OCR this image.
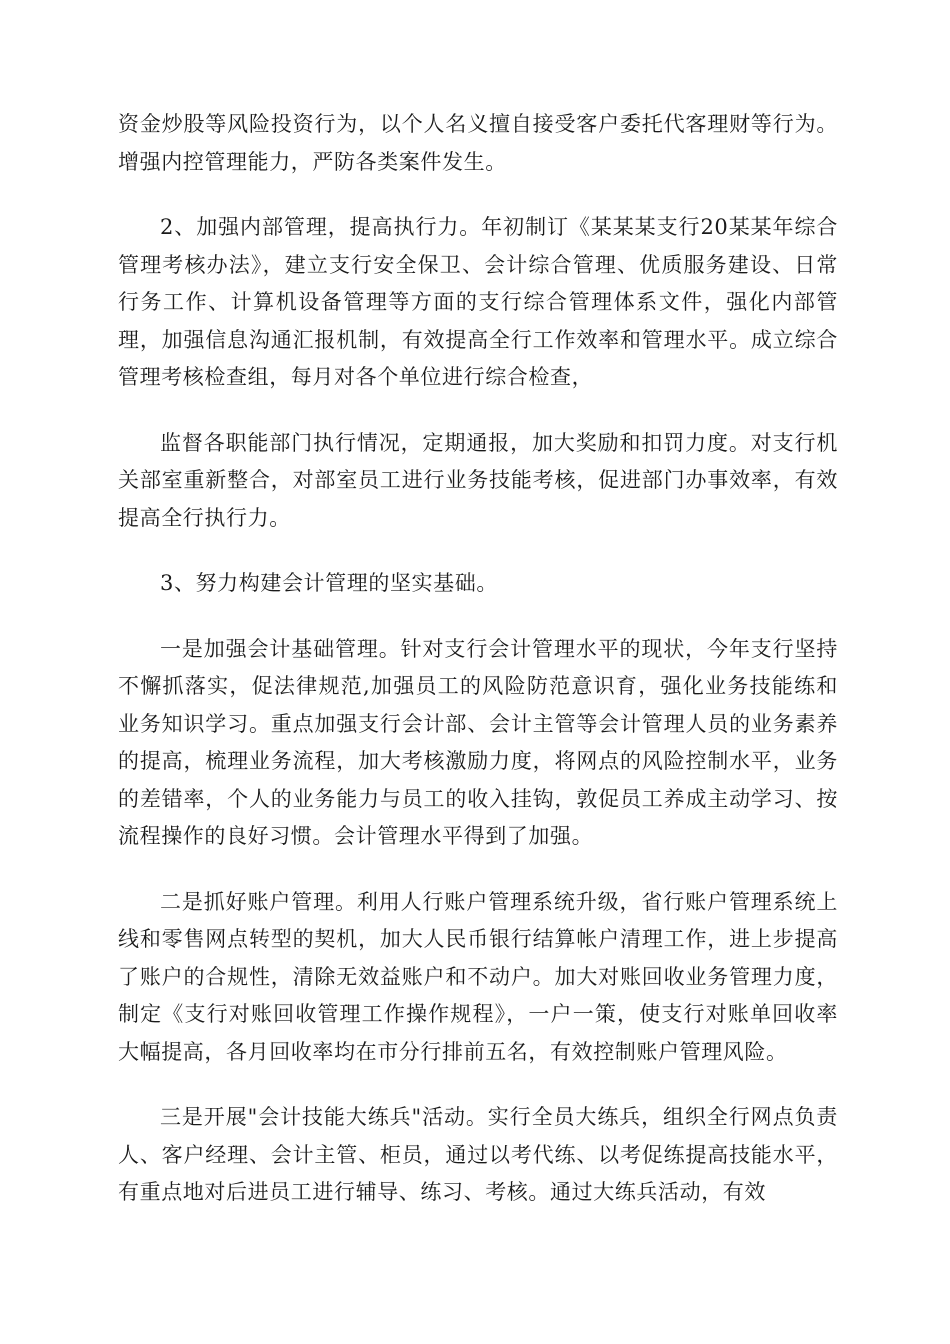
资金炒股等风险投资行为，以个人名义擅自接受客户委托代客理财等行为。增强内控管理能力，严防各类案件发生。

2、加强内部管理，提高执行力。年初制订《某某某支行20某某年综合管理考核办法》，建立支行安全保卫、会计综合管理、优质服务建设、日常行务工作、计算机设备管理等方面的支行综合管理体系文件，强化内部管理，加强信息沟通汇报机制，有效提高全行工作效率和管理水平。成立综合管理考核检查组，每月对各个单位进行综合检查，

监督各职能部门执行情况，定期通报，加大奖励和扣罚力度。对支行机关部室重新整合，对部室员工进行业务技能考核，促进部门办事效率，有效提高全行执行力。

3、努力构建会计管理的坚实基础。

一是加强会计基础管理。针对支行会计管理水平的现状，今年支行坚持不懈抓落实，促法律规范,加强员工的风险防范意识育，强化业务技能练和业务知识学习。重点加强支行会计部、会计主管等会计管理人员的业务素养的提高，梳理业务流程，加大考核激励力度，将网点的风险控制水平，业务的差错率，个人的业务能力与员工的收入挂钩，敦促员工养成主动学习、按流程操作的良好习惯。会计管理水平得到了加强。

二是抓好账户管理。利用人行账户管理系统升级，省行账户管理系统上线和零售网点转型的契机，加大人民币银行结算帐户清理工作，进上步提高了账户的合规性，清除无效益账户和不动户。加大对账回收业务管理力度，制定《支行对账回收管理工作操作规程》，一户一策，使支行对账单回收率大幅提高，各月回收率均在市分行排前五名，有效控制账户管理风险。

三是开展"会计技能大练兵"活动。实行全员大练兵，组织全行网点负责人、客户经理、会计主管、柜员，通过以考代练、以考促练提高技能水平，有重点地对后进员工进行辅导、练习、考核。通过大练兵活动，有效
